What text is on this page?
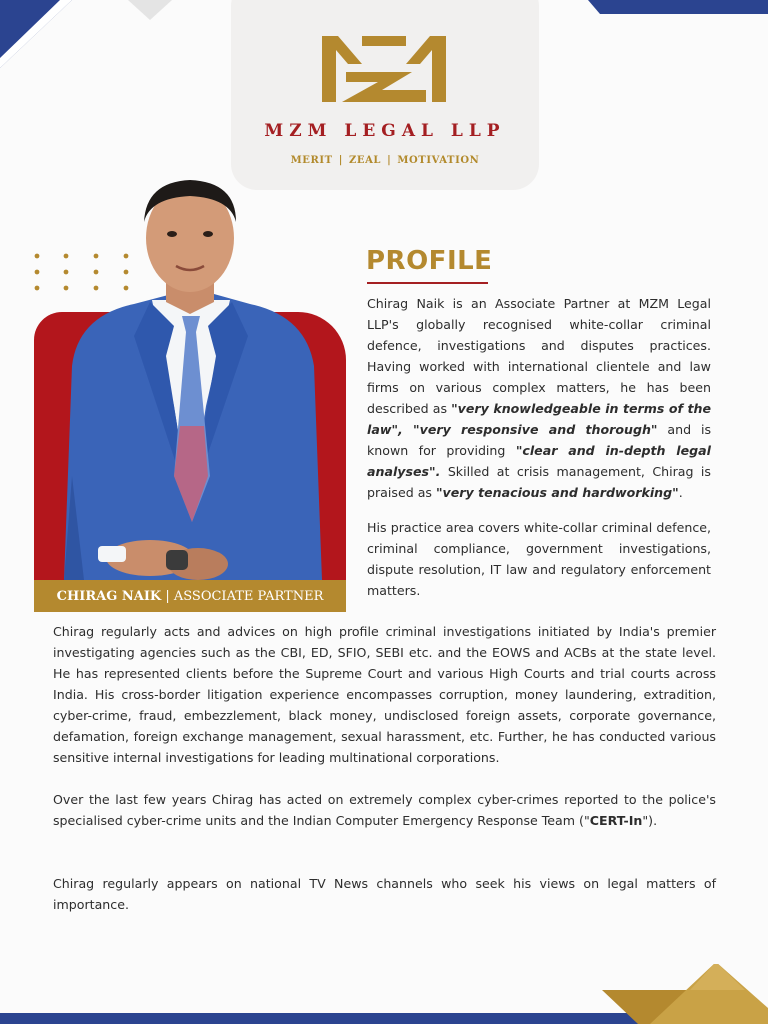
MZM LEGAL LLP
MERIT | ZEAL | MOTIVATION
CHIRAG NAIK | ASSOCIATE PARTNER
PROFILE

Chirag Naik is an Associate Partner at MZM Legal LLP's globally recognised white-collar criminal defence, investigations and disputes practices. Having worked with international clientele and law firms on various complex matters, he has been described as "very knowledgeable in terms of the law", "very responsive and thorough" and is known for providing "clear and in-depth legal analyses". Skilled at crisis management, Chirag is praised as "very tenacious and hardworking".

His practice area covers white-collar criminal defence, criminal compliance, government investigations, dispute resolution, IT law and regulatory enforcement matters.

Chirag regularly acts and advices on high profile criminal investigations initiated by India's premier investigating agencies such as the CBI, ED, SFIO, SEBI etc. and the EOWS and ACBs at the state level. He has represented clients before the Supreme Court and various High Courts and trial courts across India. His cross-border litigation experience encompasses corruption, money laundering, extradition, cyber-crime, fraud, embezzlement, black money, undisclosed foreign assets, corporate governance, defamation, foreign exchange management, sexual harassment, etc. Further, he has conducted various sensitive internal investigations for leading multinational corporations.

Over the last few years Chirag has acted on extremely complex cyber-crimes reported to the police's specialised cyber-crime units and the Indian Computer Emergency Response Team ("CERT-In").

Chirag regularly appears on national TV News channels who seek his views on legal matters of importance.
